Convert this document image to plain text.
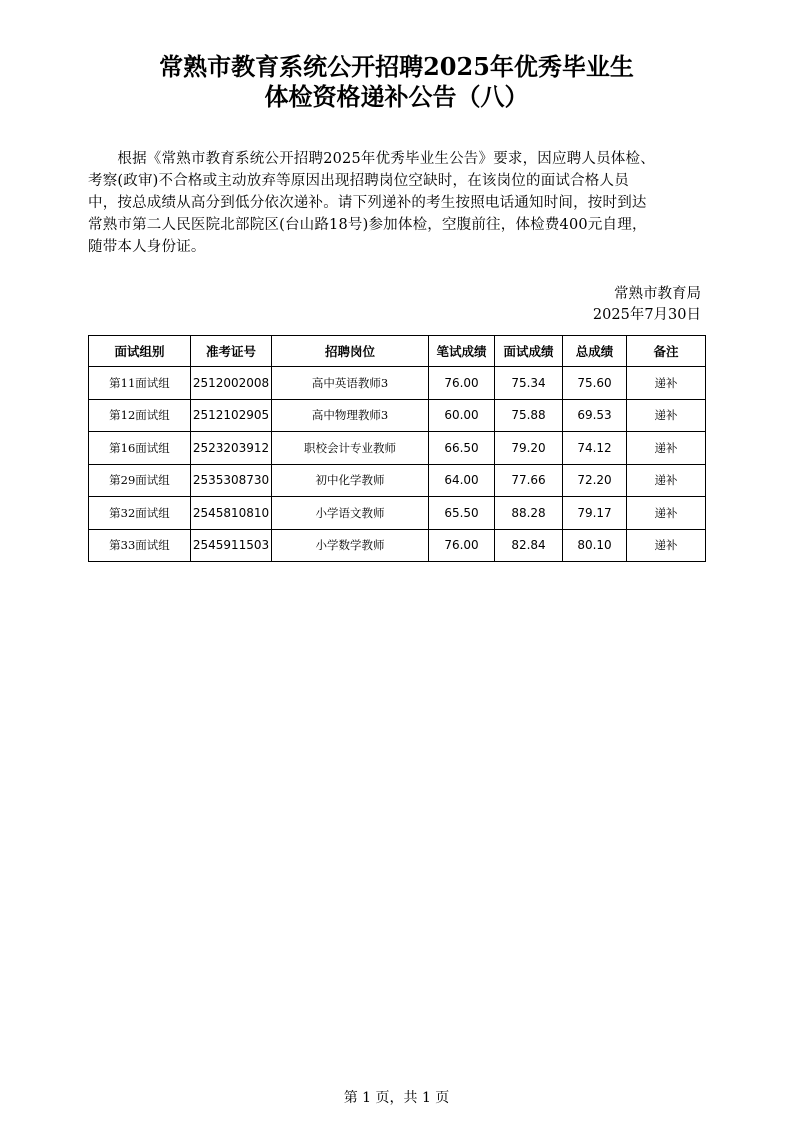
常熟市教育系统公开招聘2025年优秀毕业生
体检资格递补公告（八）
　　根据《常熟市教育系统公开招聘2025年优秀毕业生公告》要求，因应聘人员体检、
考察(政审)不合格或主动放弃等原因出现招聘岗位空缺时，在该岗位的面试合格人员
中，按总成绩从高分到低分依次递补。请下列递补的考生按照电话通知时间，按时到达
常熟市第二人民医院北部院区(台山路18号)参加体检，空腹前往，体检费400元自理，
随带本人身份证。
常熟市教育局
2025年7月30日
面试组别	准考证号	招聘岗位	笔试成绩	面试成绩	总成绩	备注
第11面试组	2512002008	高中英语教师3	76.00	75.34	75.60	递补
第12面试组	2512102905	高中物理教师3	60.00	75.88	69.53	递补
第16面试组	2523203912	职校会计专业教师	66.50	79.20	74.12	递补
第29面试组	2535308730	初中化学教师	64.00	77.66	72.20	递补
第32面试组	2545810810	小学语文教师	65.50	88.28	79.17	递补
第33面试组	2545911503	小学数学教师	76.00	82.84	80.10	递补
第 1 页，共 1 页
